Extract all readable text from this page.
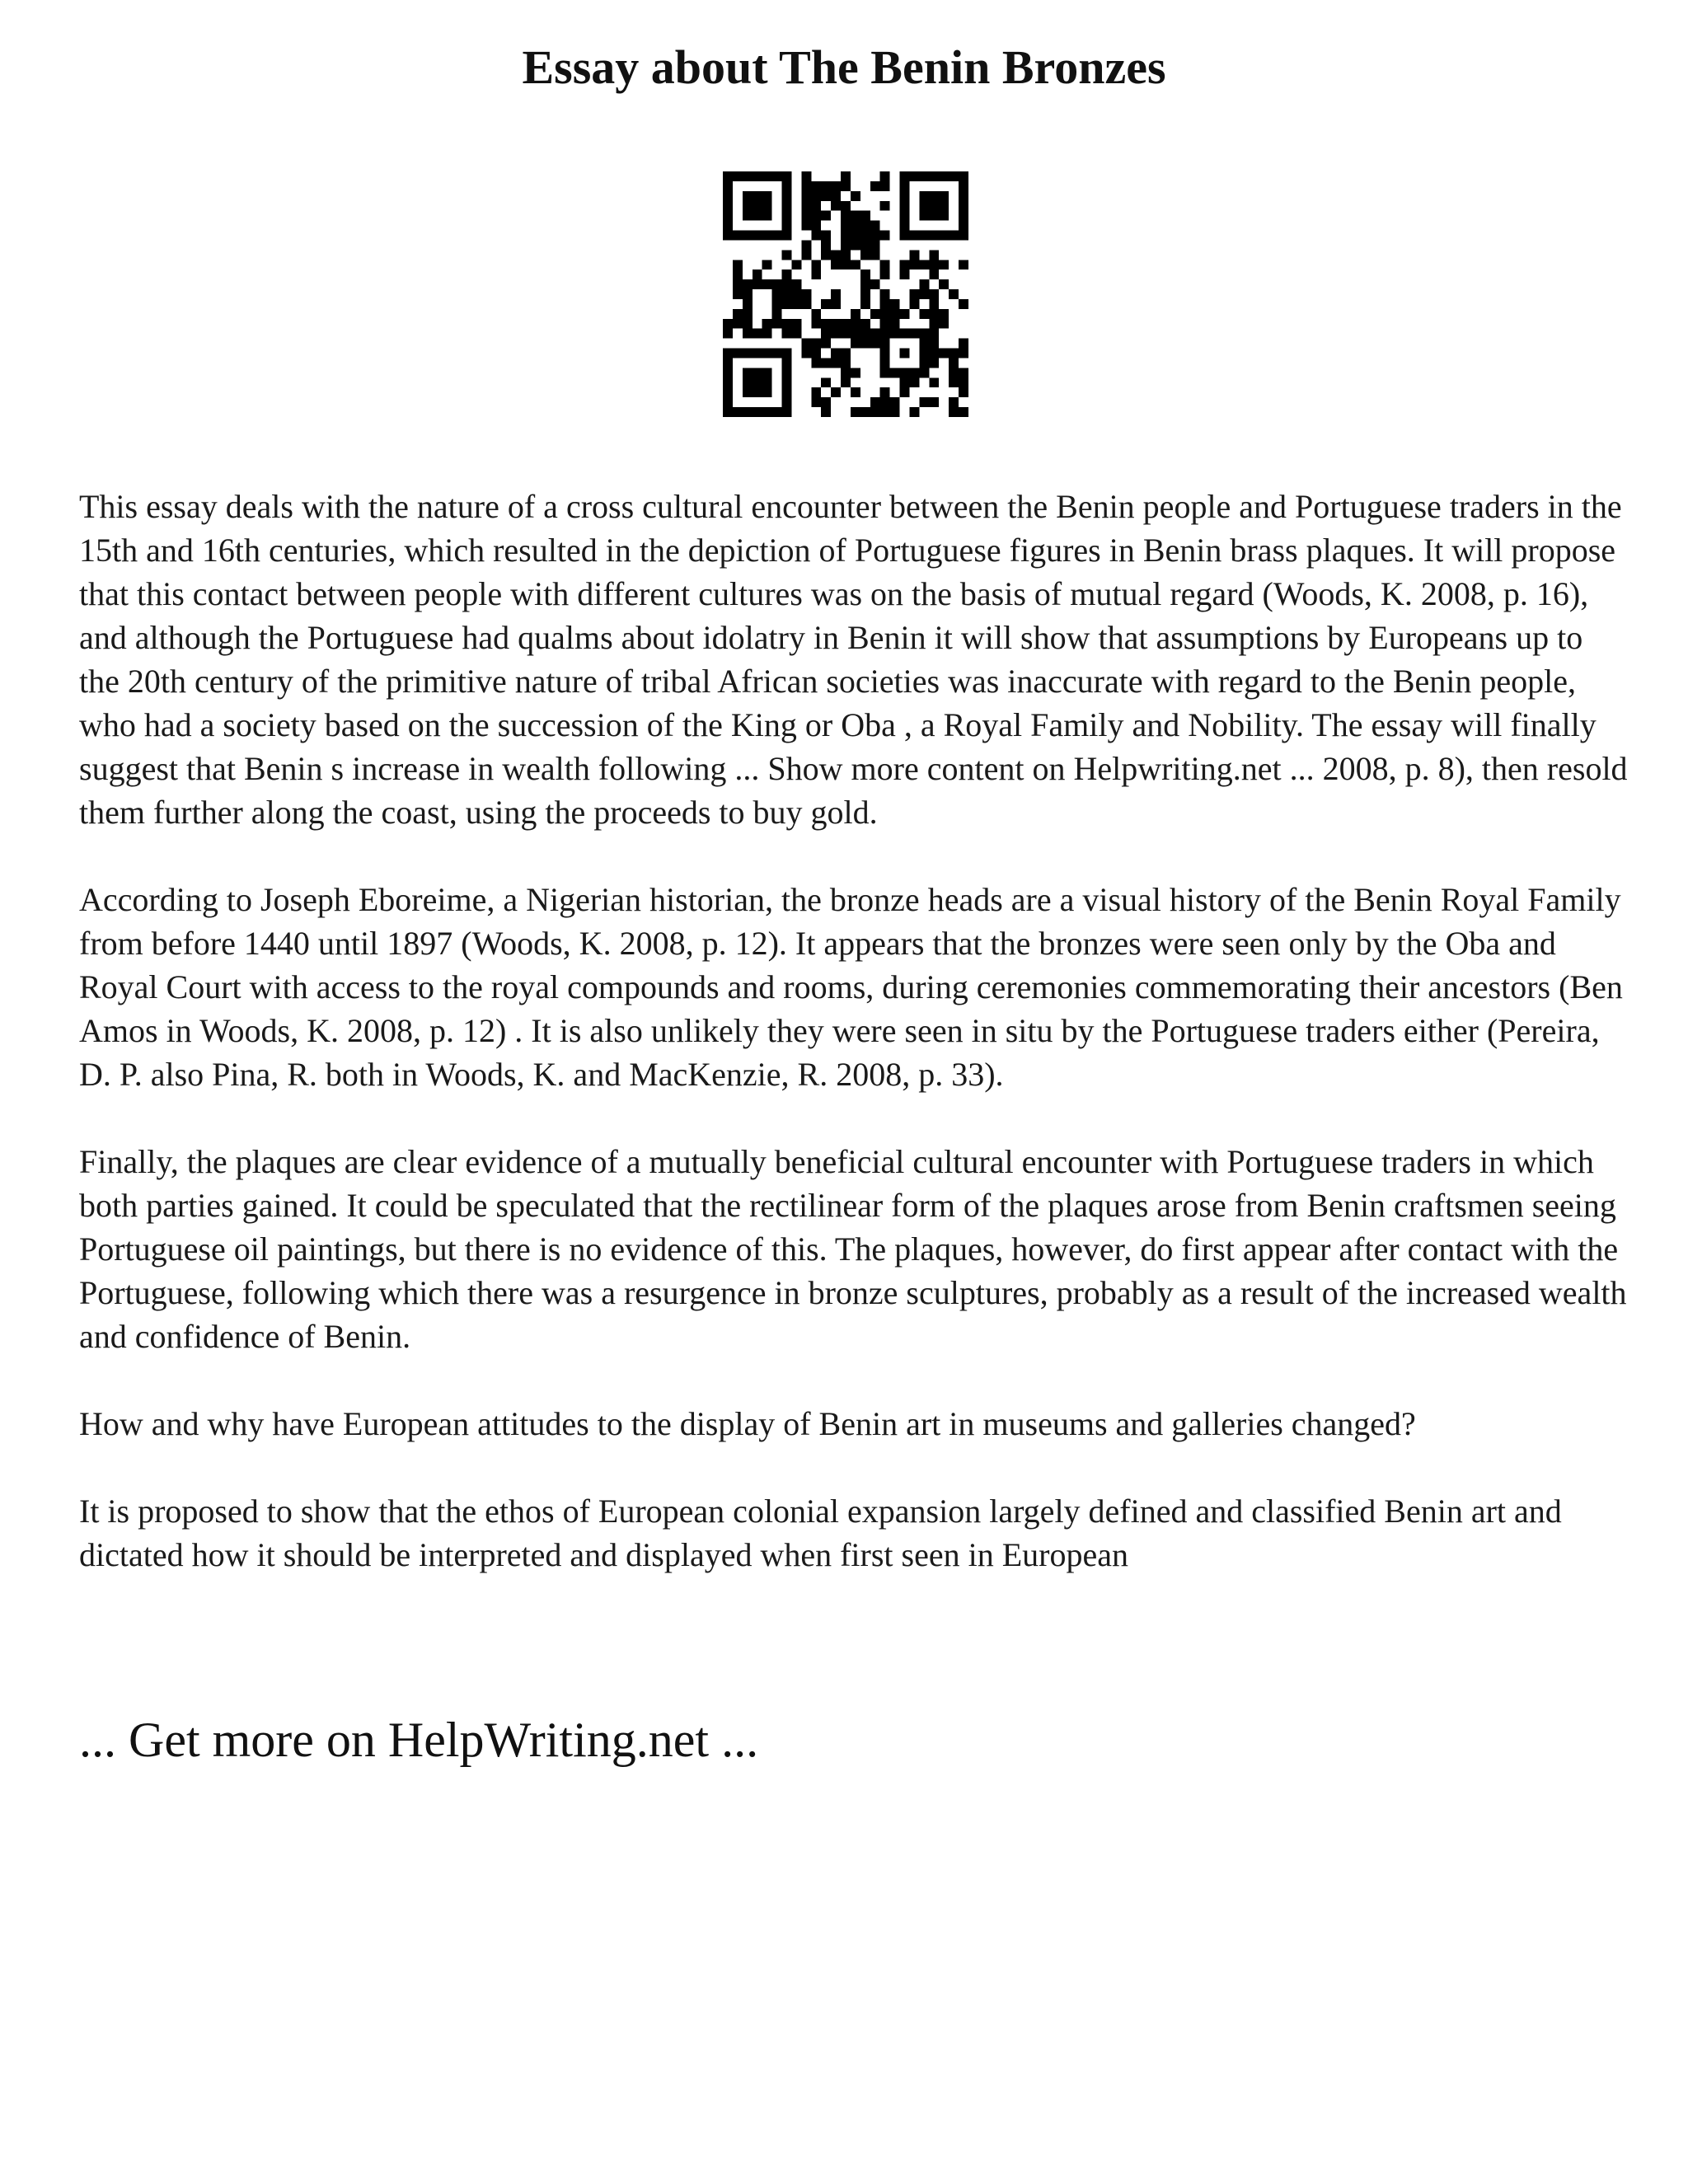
Essay about The Benin Bronzes

This essay deals with the nature of a cross cultural encounter between the Benin people and Portuguese traders in the 15th and 16th centuries, which resulted in the depiction of Portuguese figures in Benin brass plaques. It will propose that this contact between people with different cultures was on the basis of mutual regard (Woods, K. 2008, p. 16), and although the Portuguese had qualms about idolatry in Benin it will show that assumptions by Europeans up to the 20th century of the primitive nature of tribal African societies was inaccurate with regard to the Benin people, who had a society based on the succession of the King or Oba , a Royal Family and Nobility. The essay will finally suggest that Benin s increase in wealth following ... Show more content on Helpwriting.net ... 2008, p. 8), then resold them further along the coast, using the proceeds to buy gold.

According to Joseph Eboreime, a Nigerian historian, the bronze heads are a visual history of the Benin Royal Family from before 1440 until 1897 (Woods, K. 2008, p. 12). It appears that the bronzes were seen only by the Oba and Royal Court with access to the royal compounds and rooms, during ceremonies commemorating their ancestors (Ben Amos in Woods, K. 2008, p. 12) . It is also unlikely they were seen in situ by the Portuguese traders either (Pereira, D. P. also Pina, R. both in Woods, K. and MacKenzie, R. 2008, p. 33).

Finally, the plaques are clear evidence of a mutually beneficial cultural encounter with Portuguese traders in which both parties gained. It could be speculated that the rectilinear form of the plaques arose from Benin craftsmen seeing Portuguese oil paintings, but there is no evidence of this. The plaques, however, do first appear after contact with the Portuguese, following which there was a resurgence in bronze sculptures, probably as a result of the increased wealth and confidence of Benin.

How and why have European attitudes to the display of Benin art in museums and galleries changed?

It is proposed to show that the ethos of European colonial expansion largely defined and classified Benin art and dictated how it should be interpreted and displayed when first seen in European

... Get more on HelpWriting.net ...
